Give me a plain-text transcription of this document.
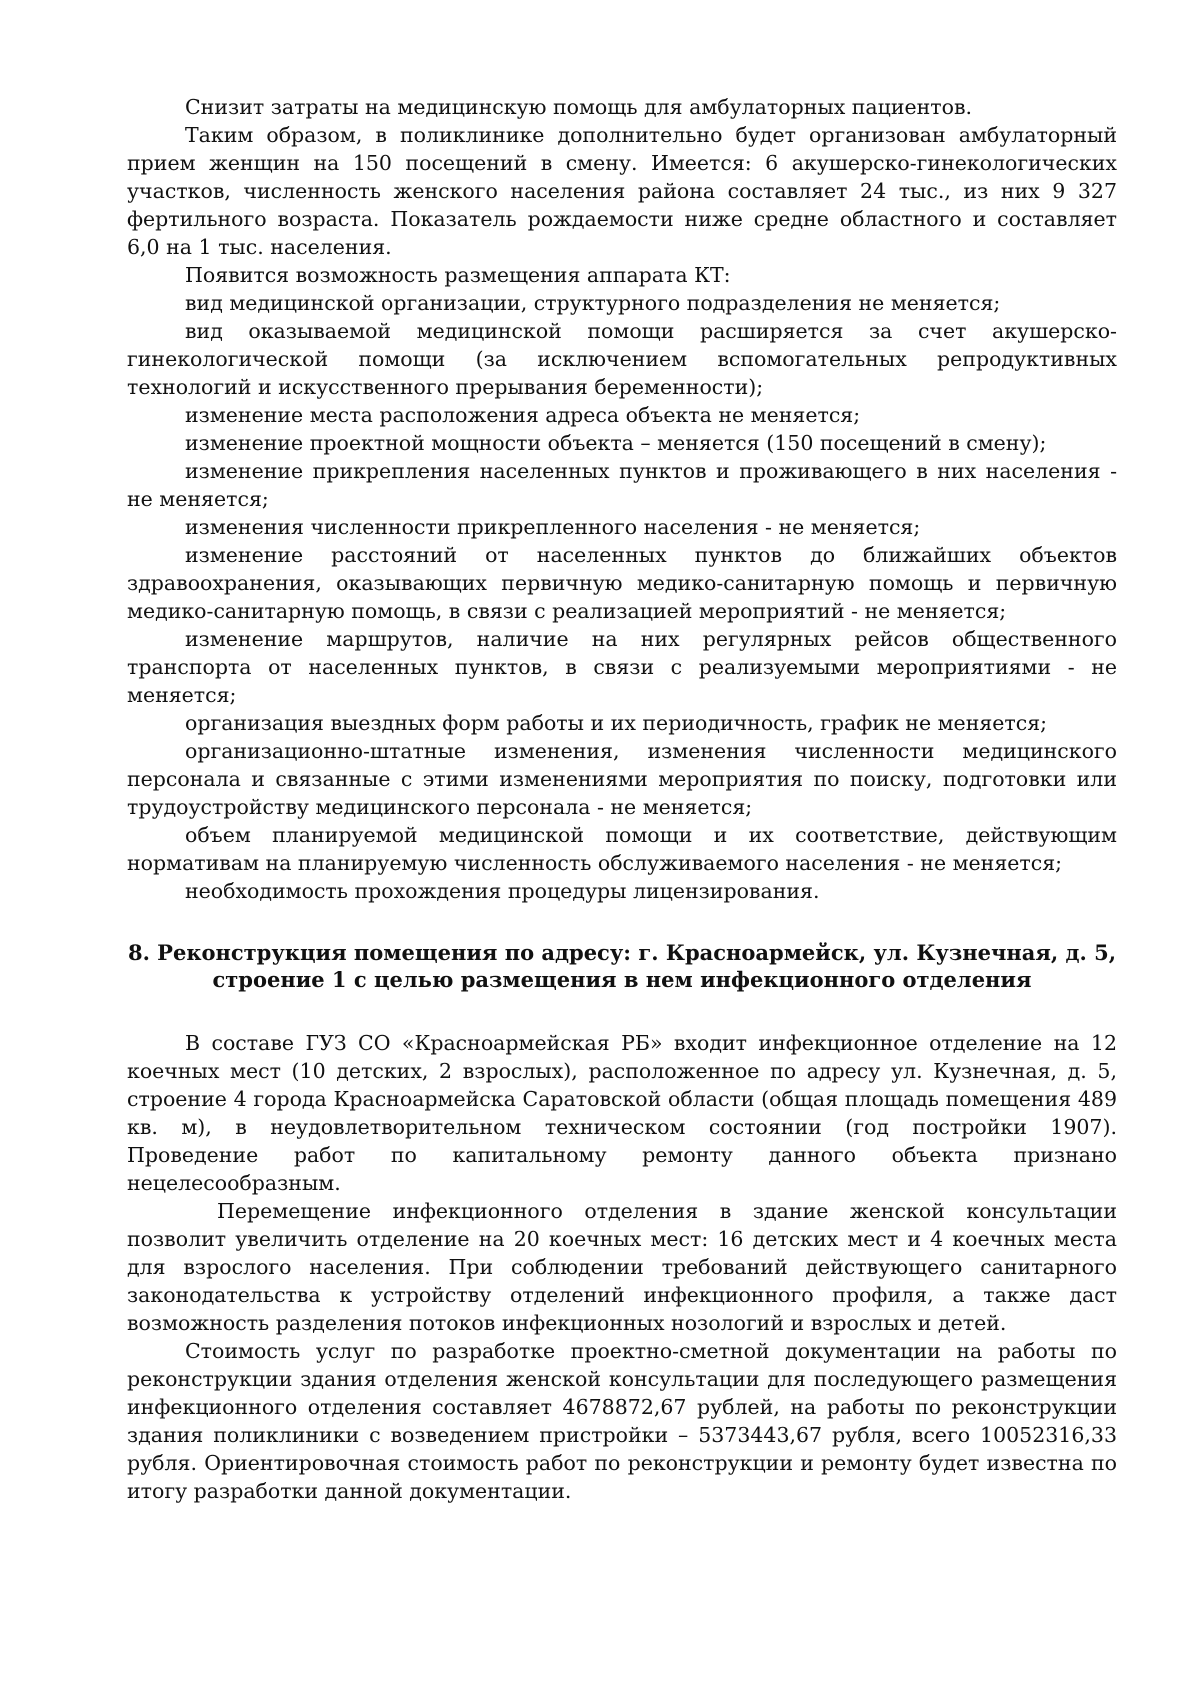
Снизит затраты на медицинскую помощь для амбулаторных пациентов.

Таким образом, в поликлинике дополнительно будет организован амбулаторный прием женщин на 150 посещений в смену. Имеется: 6 акушерско-гинекологических участков, численность женского населения района составляет 24 тыс., из них 9 327 фертильного возраста. Показатель рождаемости ниже средне областного и составляет 6,0 на 1 тыс. населения.

Появится возможность размещения аппарата КТ:

вид медицинской организации, структурного подразделения не меняется;

вид оказываемой медицинской помощи расширяется за счет акушерско-гинекологической помощи (за исключением вспомогательных репродуктивных технологий и искусственного прерывания беременности);

изменение места расположения адреса объекта не меняется;

изменение проектной мощности объекта – меняется (150 посещений в смену);

изменение прикрепления населенных пунктов и проживающего в них населения - не меняется;

изменения численности прикрепленного населения - не меняется;

изменение расстояний от населенных пунктов до ближайших объектов здравоохранения, оказывающих первичную медико-санитарную помощь и первичную медико-санитарную помощь, в связи с реализацией мероприятий - не меняется;

изменение маршрутов, наличие на них регулярных рейсов общественного транспорта от населенных пунктов, в связи с реализуемыми мероприятиями - не меняется;

организация выездных форм работы и их периодичность, график не меняется;

организационно-штатные изменения, изменения численности медицинского персонала и связанные с этими изменениями мероприятия по поиску, подготовки или трудоустройству медицинского персонала - не меняется;

объем планируемой медицинской помощи и их соответствие, действующим нормативам на планируемую численность обслуживаемого населения - не меняется;

необходимость прохождения процедуры лицензирования.

8. Реконструкция помещения по адресу: г. Красноармейск, ул. Кузнечная, д. 5,
строение 1 с целью размещения в нем инфекционного отделения

В составе ГУЗ СО «Красноармейская РБ» входит инфекционное отделение на 12 коечных мест (10 детских, 2 взрослых), расположенное по адресу ул. Кузнечная, д. 5, строение 4 города Красноармейска Саратовской области (общая площадь помещения 489 кв. м), в неудовлетворительном техническом состоянии (год постройки 1907). Проведение работ по капитальному ремонту данного объекта признано нецелесообразным.

Перемещение инфекционного отделения в здание женской консультации позволит увеличить отделение на 20 коечных мест: 16 детских мест и 4 коечных места для взрослого населения. При соблюдении требований действующего санитарного законодательства к устройству отделений инфекционного профиля, а также даст возможность разделения потоков инфекционных нозологий и взрослых и детей.

Стоимость услуг по разработке проектно-сметной документации на работы по реконструкции здания отделения женской консультации для последующего размещения инфекционного отделения составляет 4678872,67 рублей, на работы по реконструкции здания поликлиники с возведением пристройки – 5373443,67 рубля, всего 10052316,33 рубля. Ориентировочная стоимость работ по реконструкции и ремонту будет известна по итогу разработки данной документации.
